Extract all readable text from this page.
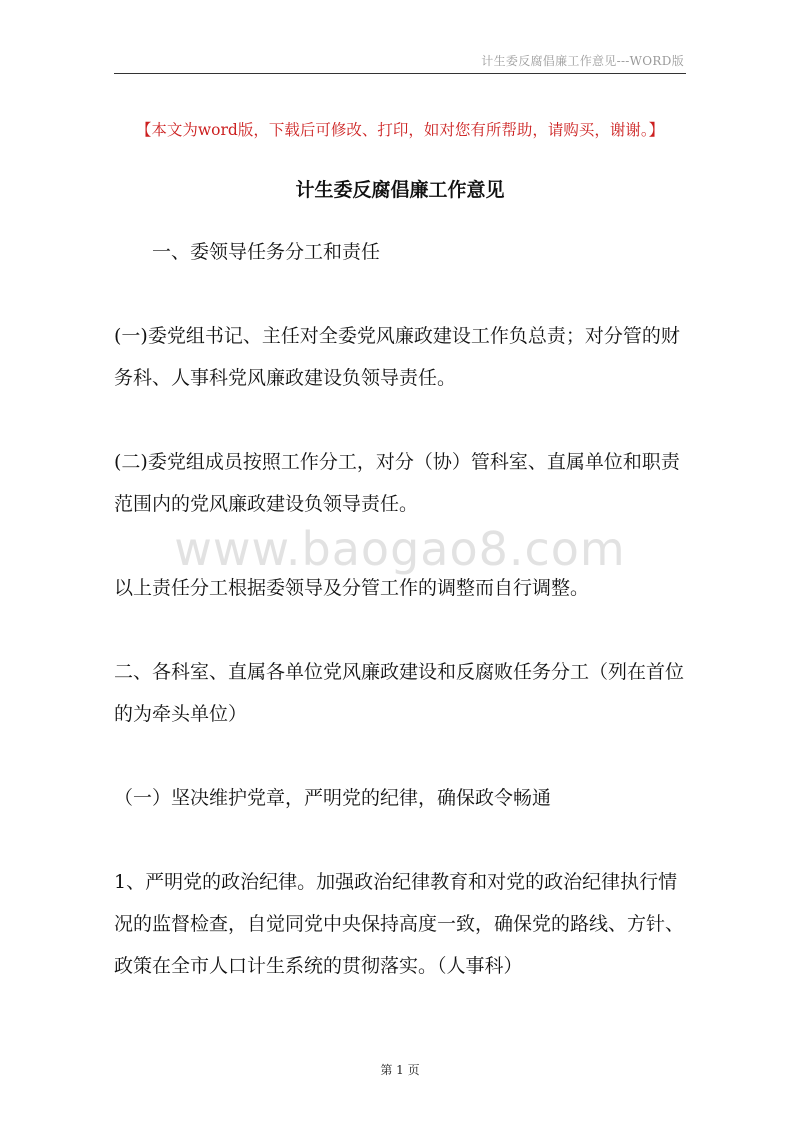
计生委反腐倡廉工作意见---WORD版
【本文为word版，下载后可修改、打印，如对您有所帮助，请购买，谢谢。】
计生委反腐倡廉工作意见
　　一、委领导任务分工和责任
(一)委党组书记、主任对全委党风廉政建设工作负总责；对分管的财
务科、人事科党风廉政建设负领导责任。
(二)委党组成员按照工作分工，对分（协）管科室、直属单位和职责
范围内的党风廉政建设负领导责任。
www.baogao8.com
以上责任分工根据委领导及分管工作的调整而自行调整。
二、各科室、直属各单位党风廉政建设和反腐败任务分工（列在首位
的为牵头单位）
（一）坚决维护党章，严明党的纪律，确保政令畅通
1、严明党的政治纪律。加强政治纪律教育和对党的政治纪律执行情
况的监督检查，自觉同党中央保持高度一致，确保党的路线、方针、
政策在全市人口计生系统的贯彻落实。（人事科）
第 1 页
